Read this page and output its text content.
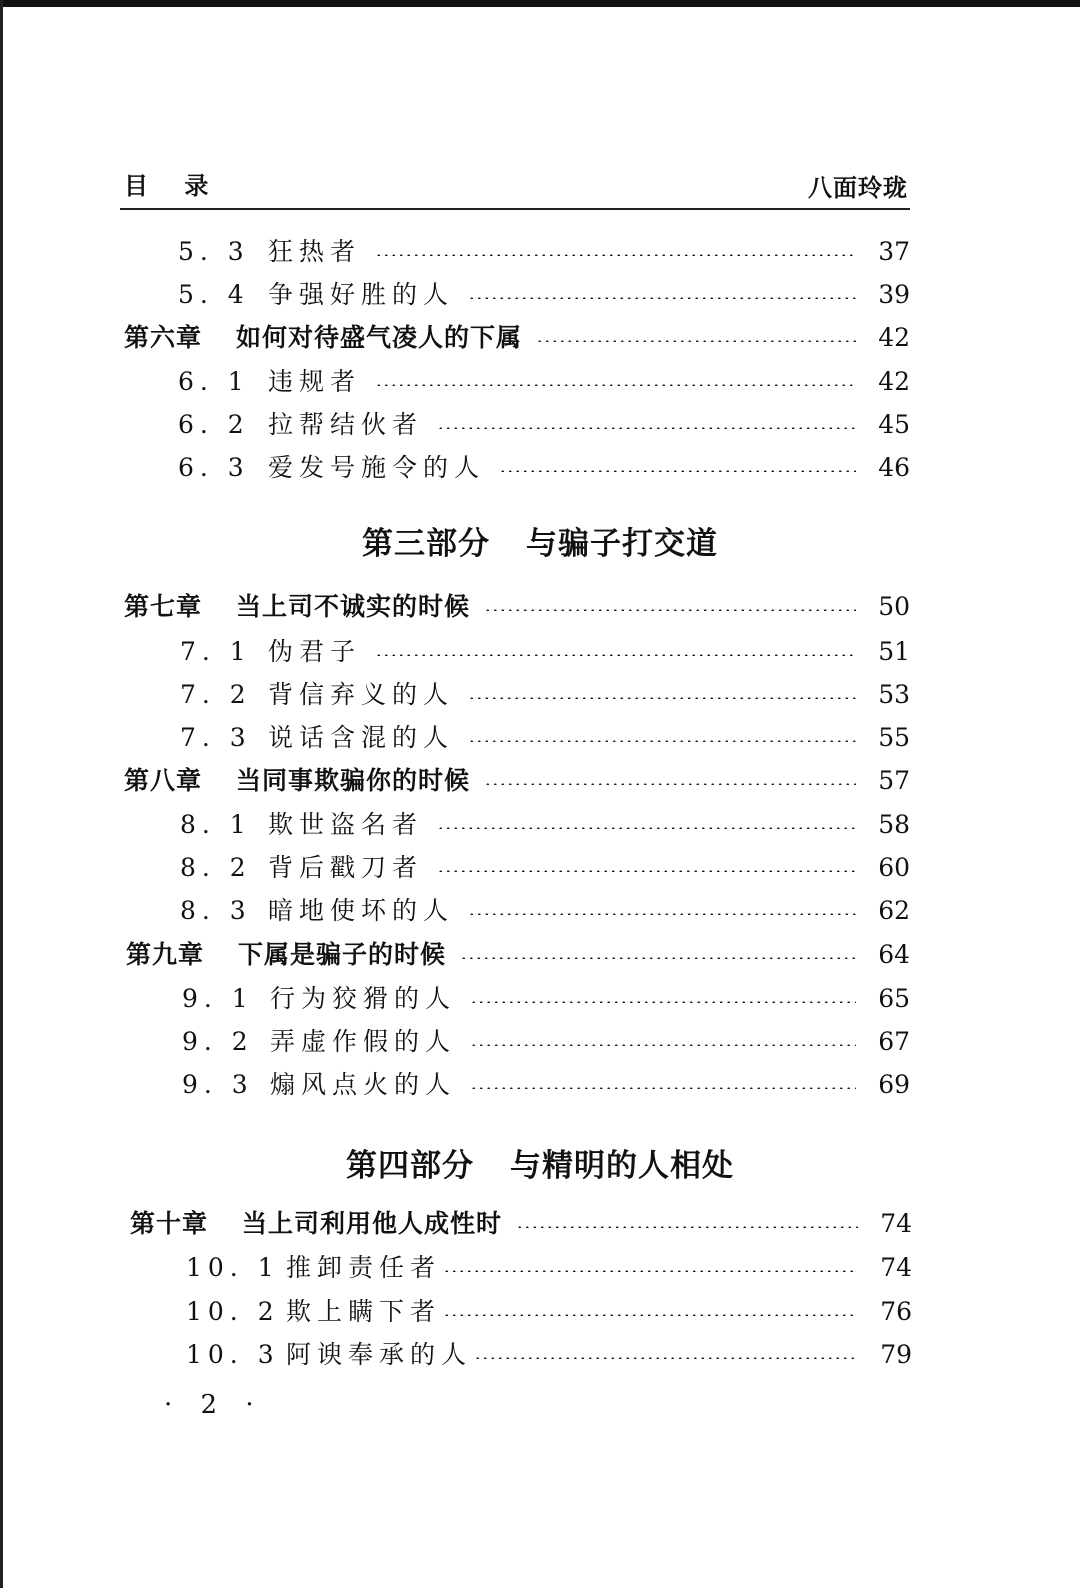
目 录	八面玲珑
5. 3 狂热者	37
5. 4 争强好胜的人	39
第六章	如何对待盛气凌人的下属	42
6. 1 违规者	42
6. 2 拉帮结伙者	45
6. 3 爱发号施令的人	46
第三部分 与骗子打交道
第七章	当上司不诚实的时候	50
7. 1 伪君子	51
7. 2 背信弃义的人	53
7. 3 说话含混的人	55
第八章	当同事欺骗你的时候	57
8. 1 欺世盗名者	58
8. 2 背后戳刀者	60
8. 3 暗地使坏的人	62
第九章	下属是骗子的时候	64
9. 1 行为狡猾的人	65
9. 2 弄虚作假的人	67
9. 3 煽风点火的人	69
第四部分 与精明的人相处
第十章	当上司利用他人成性时	74
10. 1 推卸责任者	74
10. 2 欺上瞒下者	76
10. 3 阿谀奉承的人	79
· 2 ·
